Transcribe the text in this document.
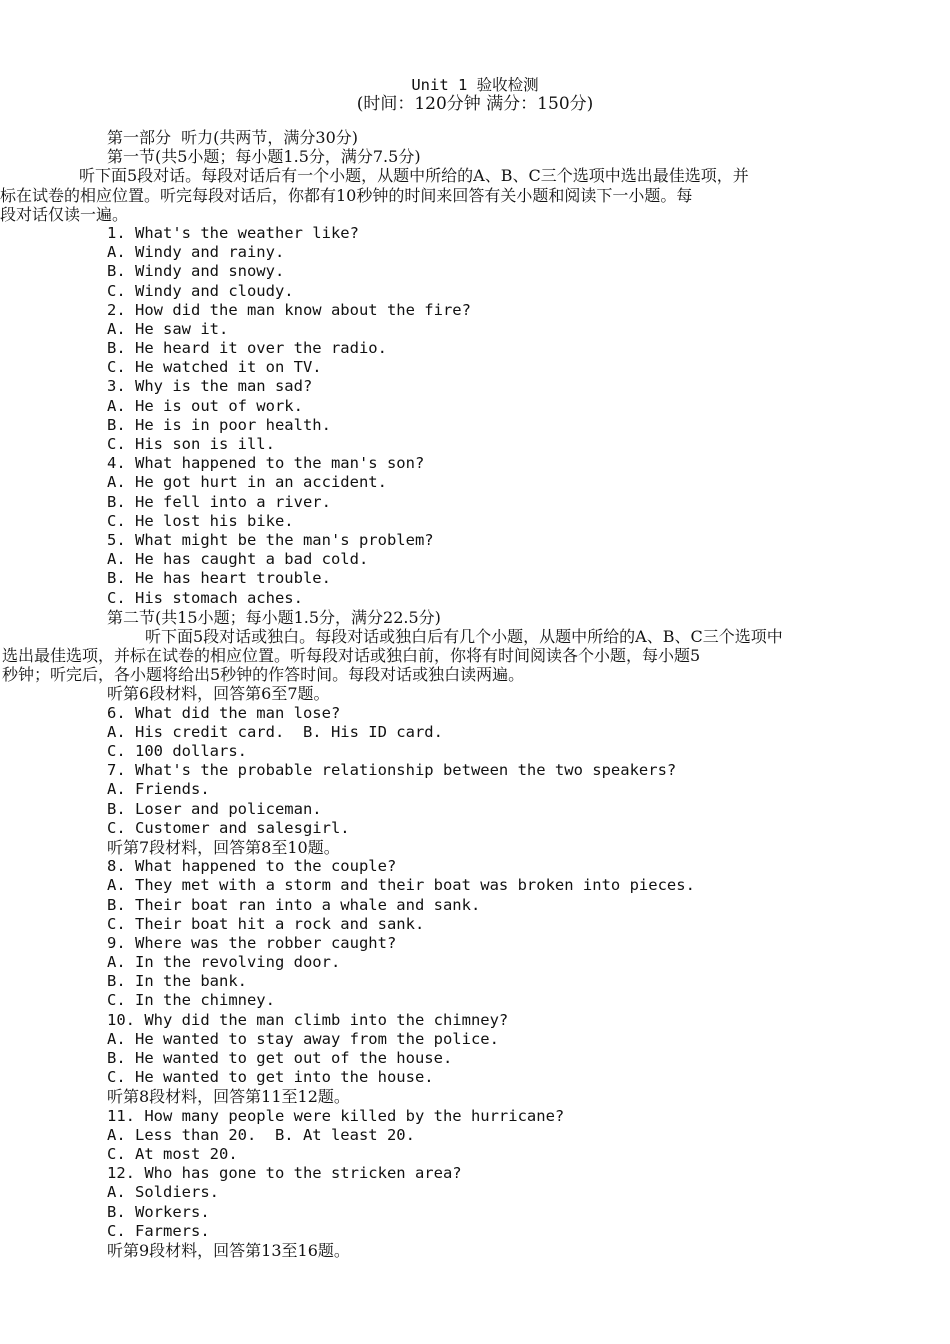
Unit 1 验收检测
(时间：120分钟 满分：150分)
第一部分  听力(共两节，满分30分)
第一节(共5小题；每小题1.5分，满分7.5分)
听下面5段对话。每段对话后有一个小题，从题中所给的A、B、C三个选项中选出最佳选项，并
标在试卷的相应位置。听完每段对话后，你都有10秒钟的时间来回答有关小题和阅读下一小题。每
段对话仅读一遍。
1. What's the weather like?
A. Windy and rainy.
B. Windy and snowy.
C. Windy and cloudy.
2. How did the man know about the fire?
A. He saw it.
B. He heard it over the radio.
C. He watched it on TV.
3. Why is the man sad?
A. He is out of work.
B. He is in poor health.
C. His son is ill.
4. What happened to the man's son?
A. He got hurt in an accident.
B. He fell into a river.
C. He lost his bike.
5. What might be the man's problem?
A. He has caught a bad cold.
B. He has heart trouble.
C. His stomach aches.
第二节(共15小题；每小题1.5分，满分22.5分)
听下面5段对话或独白。每段对话或独白后有几个小题，从题中所给的A、B、C三个选项中
选出最佳选项，并标在试卷的相应位置。听每段对话或独白前，你将有时间阅读各个小题，每小题5
秒钟；听完后，各小题将给出5秒钟的作答时间。每段对话或独白读两遍。
听第6段材料，回答第6至7题。
6. What did the man lose?
A. His credit card.  B. His ID card.
C. 100 dollars.
7. What's the probable relationship between the two speakers?
A. Friends.
B. Loser and policeman.
C. Customer and salesgirl.
听第7段材料，回答第8至10题。
8. What happened to the couple?
A. They met with a storm and their boat was broken into pieces.
B. Their boat ran into a whale and sank.
C. Their boat hit a rock and sank.
9. Where was the robber caught?
A. In the revolving door.
B. In the bank.
C. In the chimney.
10. Why did the man climb into the chimney?
A. He wanted to stay away from the police.
B. He wanted to get out of the house.
C. He wanted to get into the house.
听第8段材料，回答第11至12题。
11. How many people were killed by the hurricane?
A. Less than 20.  B. At least 20.
C. At most 20.
12. Who has gone to the stricken area?
A. Soldiers.
B. Workers.
C. Farmers.
听第9段材料，回答第13至16题。
